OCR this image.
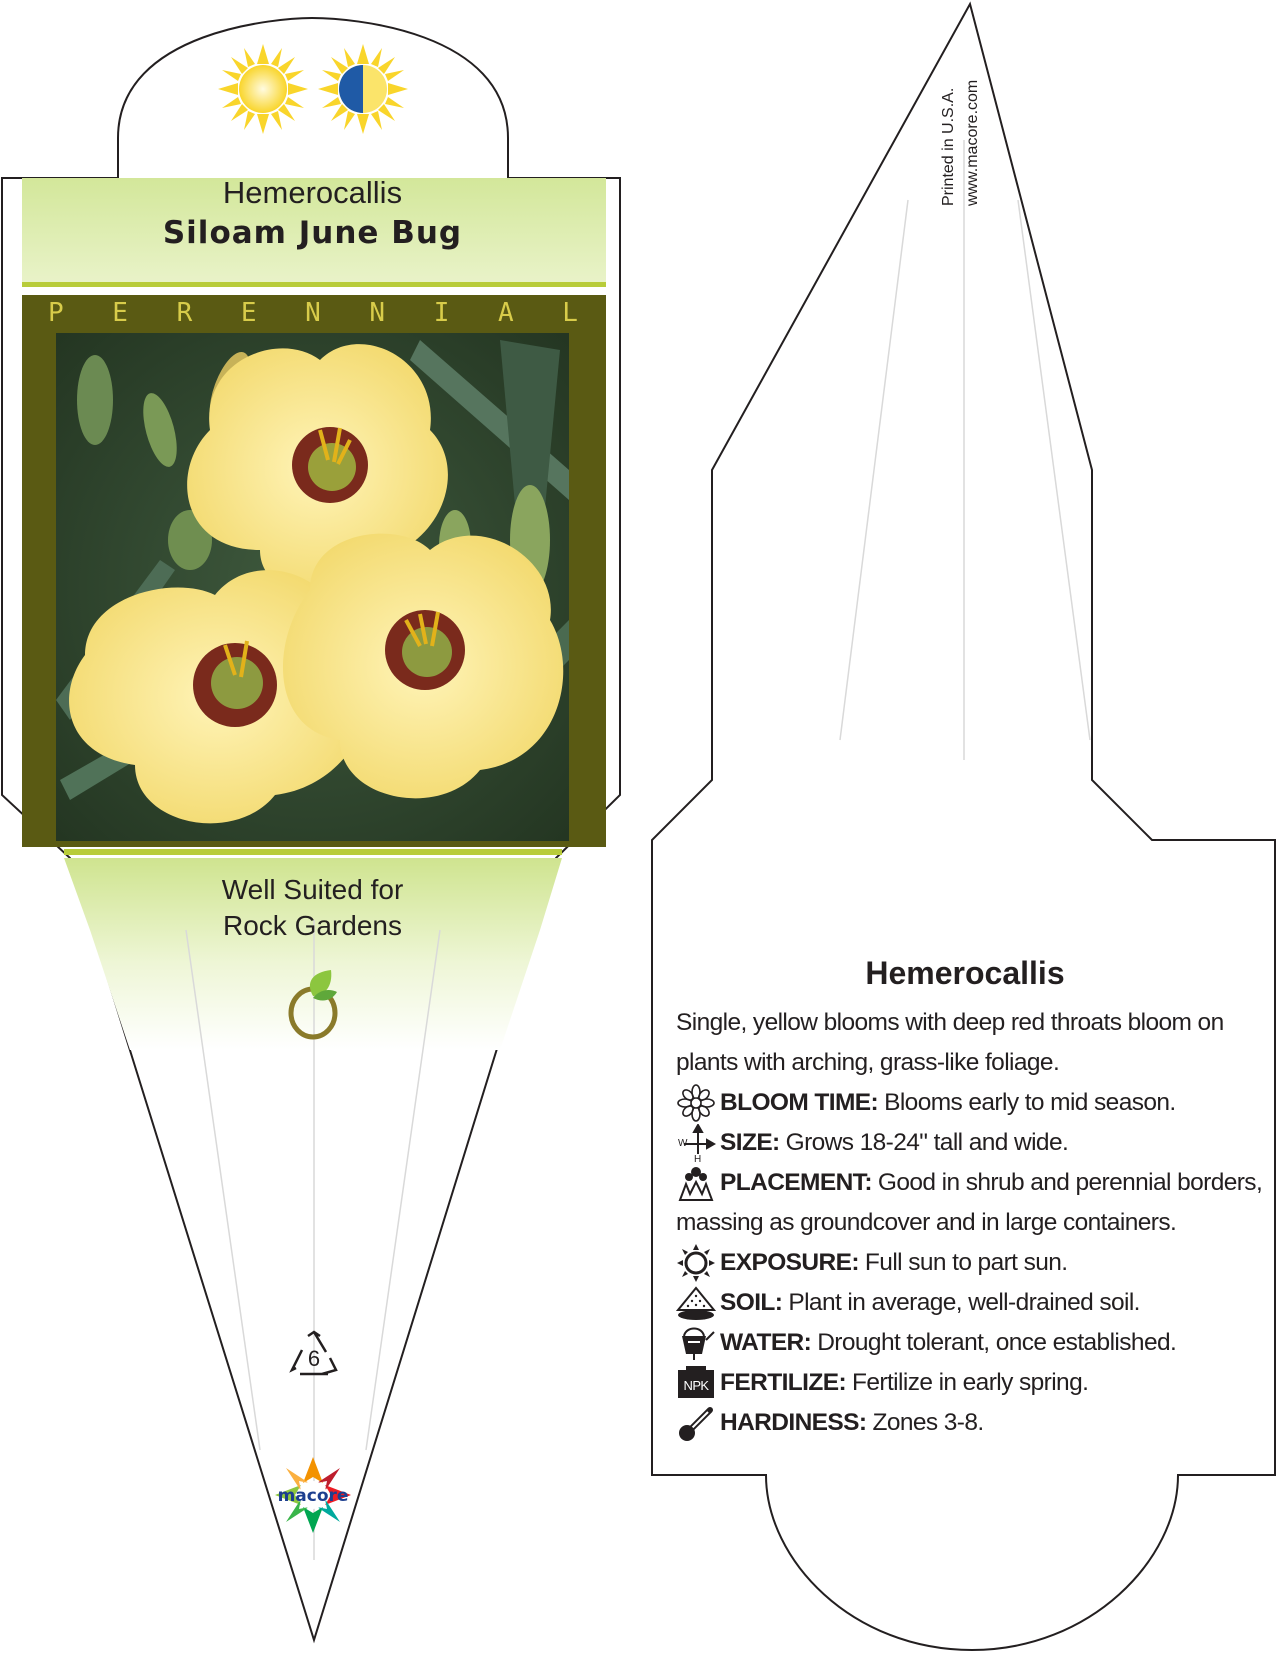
Hemerocallis
Siloam June Bug
P E R E N N I A L
Well Suited for
Rock Gardens
6
macore
Printed in U.S.A. www.macore.com
Hemerocallis
Single, yellow blooms with deep red throats bloom on
plants with arching, grass-like foliage.
BLOOM TIME: Blooms early to mid season.
W
H
SIZE: Grows 18-24" tall and wide.
PLACEMENT: Good in shrub and perennial borders,
massing as groundcover and in large containers.
EXPOSURE: Full sun to part sun.
SOIL: Plant in average, well-drained soil.
WATER: Drought tolerant, once established.
NPK FERTILIZE: Fertilize in early spring.
HARDINESS: Zones 3-8.
